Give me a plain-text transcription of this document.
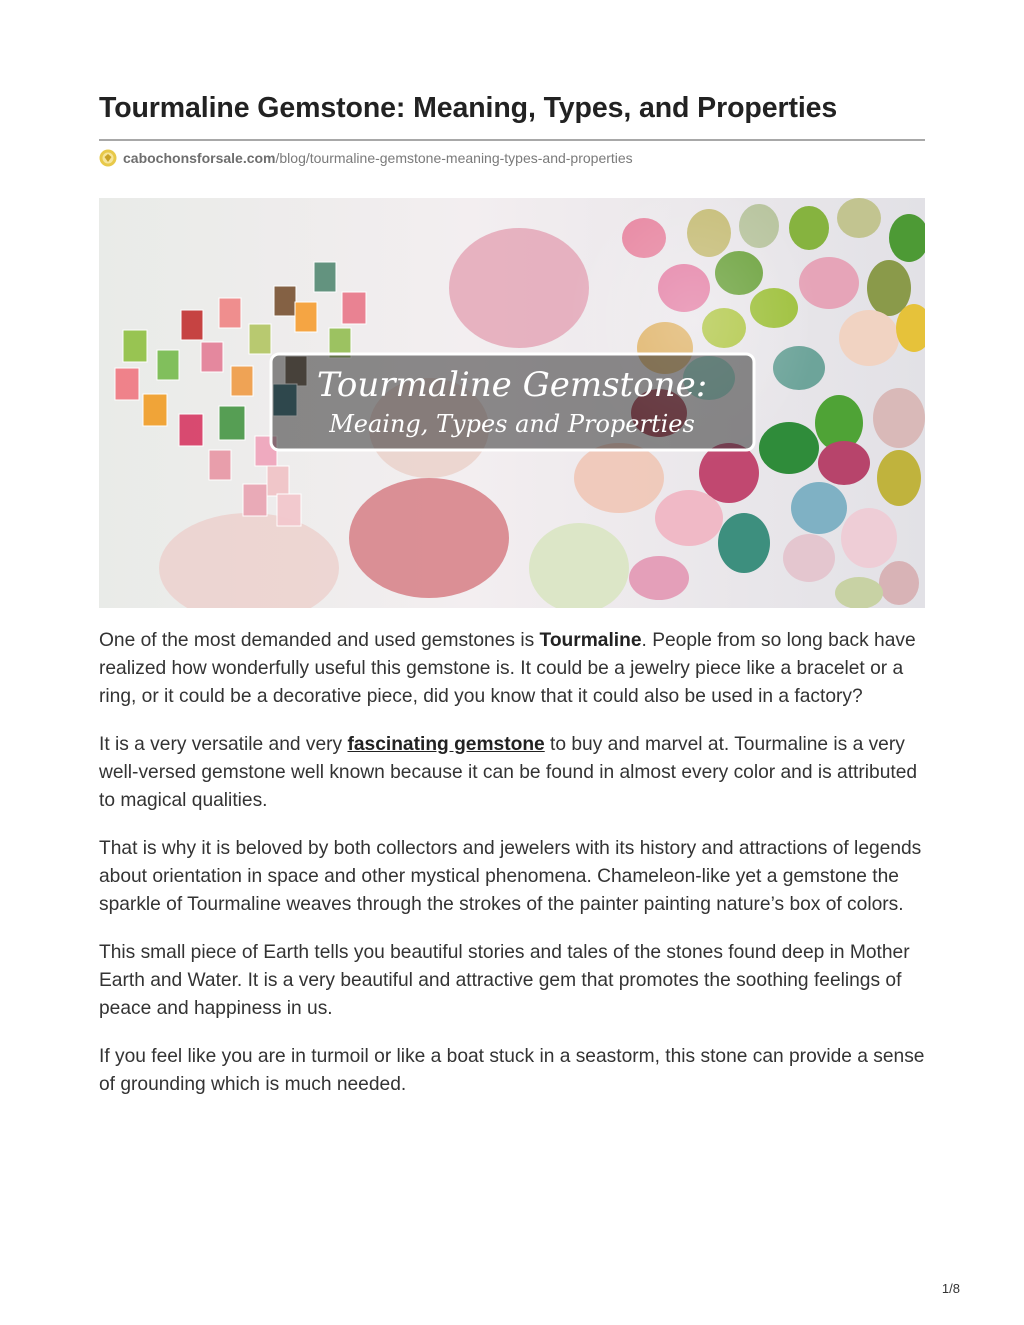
Tourmaline Gemstone: Meaning, Types, and Properties
cabochonsforsale.com /blog/tourmaline-gemstone-meaning-types-and-properties
Tourmaline Gemstone:
Meaing, Types and Properties

One of the most demanded and used gemstones is Tourmaline. People from so long back have realized how wonderfully useful this gemstone is. It could be a jewelry piece like a bracelet or a ring, or it could be a decorative piece, did you know that it could also be used in a factory?

It is a very versatile and very fascinating gemstone to buy and marvel at. Tourmaline is a very well-versed gemstone well known because it can be found in almost every color and is attributed to magical qualities.

That is why it is beloved by both collectors and jewelers with its history and attractions of legends about orientation in space and other mystical phenomena. Chameleon-like yet a gemstone the sparkle of Tourmaline weaves through the strokes of the painter painting nature’s box of colors.

This small piece of Earth tells you beautiful stories and tales of the stones found deep in Mother Earth and Water. It is a very beautiful and attractive gem that promotes the soothing feelings of peace and happiness in us.

If you feel like you are in turmoil or like a boat stuck in a seastorm, this stone can provide a sense of grounding which is much needed.

1/8
